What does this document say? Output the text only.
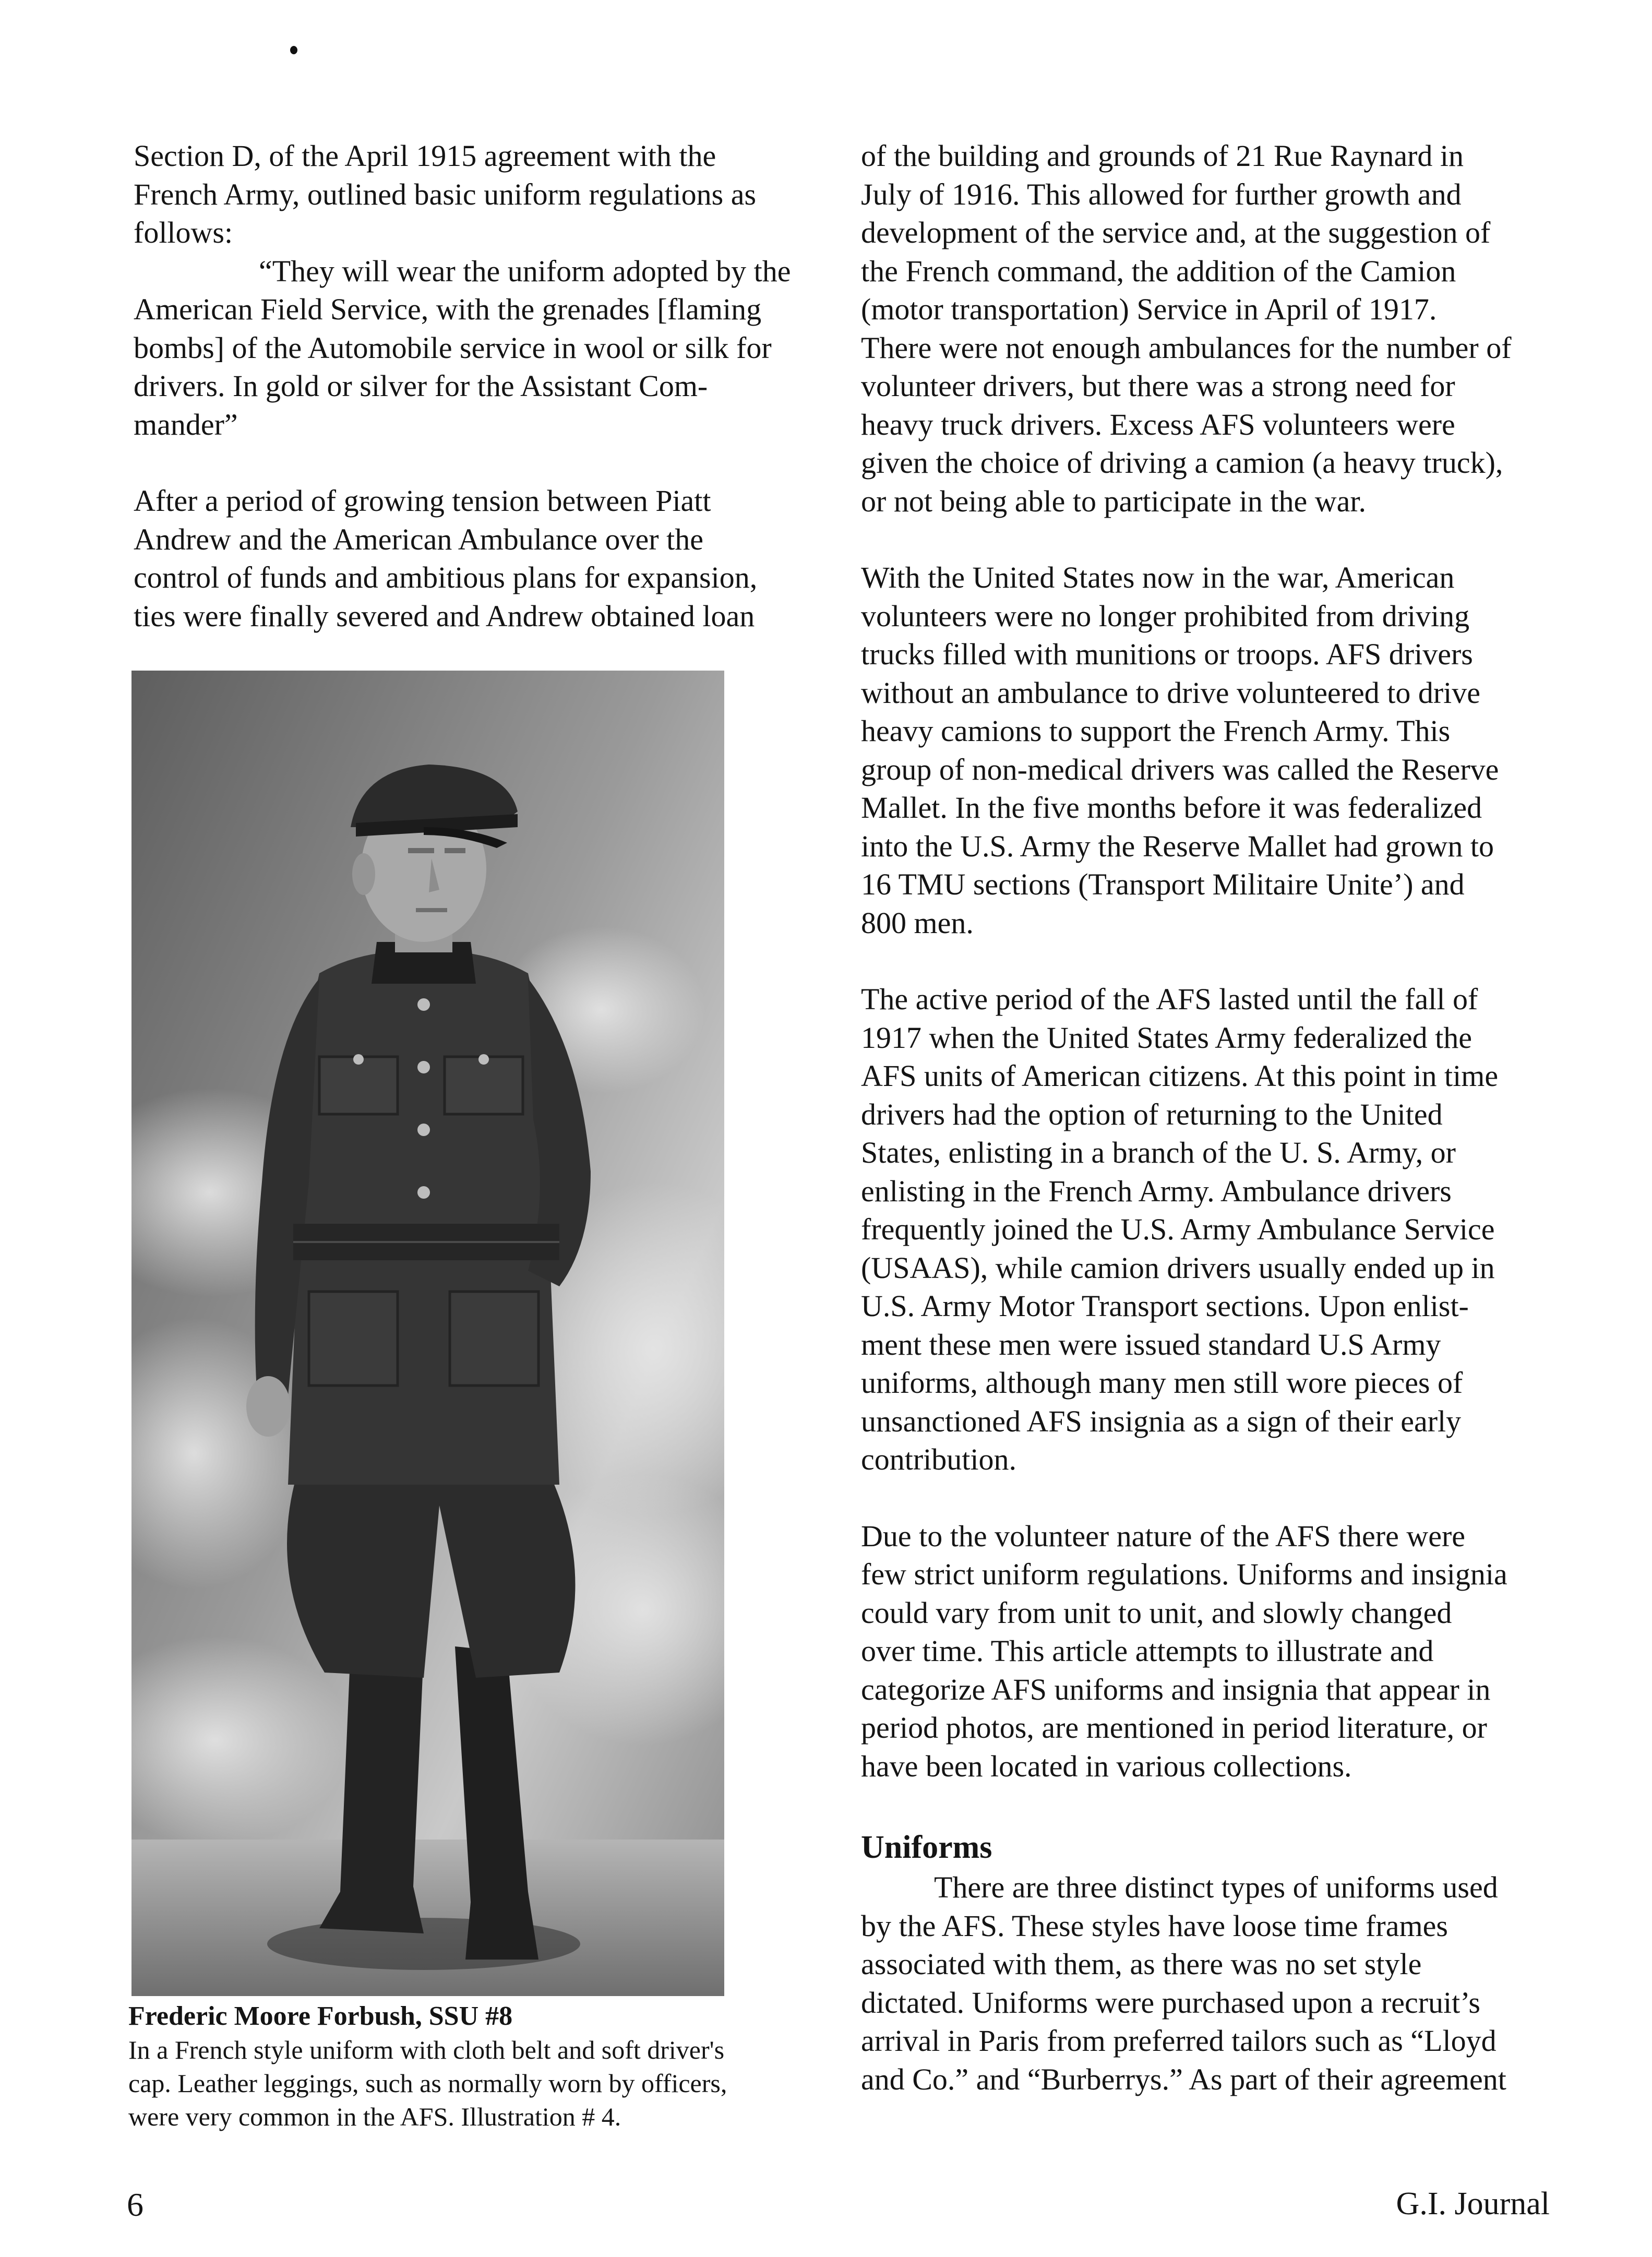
Section D, of the April 1915 agreement with the
French Army, outlined basic uniform regulations as
follows:
“They will wear the uniform adopted by the
American Field Service, with the grenades [flaming
bombs] of the Automobile service in wool or silk for
drivers. In gold or silver for the Assistant Com-
mander”
After a period of growing tension between Piatt
Andrew and the American Ambulance over the
control of funds and ambitious plans for expansion,
ties were finally severed and Andrew obtained loan
Frederic Moore Forbush, SSU #8
In a French style uniform with cloth belt and soft driver's
cap. Leather leggings, such as normally worn by officers,
were very common in the AFS. Illustration # 4.
of the building and grounds of 21 Rue Raynard in
July of 1916. This allowed for further growth and
development of the service and, at the suggestion of
the French command, the addition of the Camion
(motor transportation) Service in April of 1917.
There were not enough ambulances for the number of
volunteer drivers, but there was a strong need for
heavy truck drivers. Excess AFS volunteers were
given the choice of driving a camion (a heavy truck),
or not being able to participate in the war.
With the United States now in the war, American
volunteers were no longer prohibited from driving
trucks filled with munitions or troops. AFS drivers
without an ambulance to drive volunteered to drive
heavy camions to support the French Army. This
group of non-medical drivers was called the Reserve
Mallet. In the five months before it was federalized
into the U.S. Army the Reserve Mallet had grown to
16 TMU sections (Transport Militaire Unite’) and
800 men.
The active period of the AFS lasted until the fall of
1917 when the United States Army federalized the
AFS units of American citizens. At this point in time
drivers had the option of returning to the United
States, enlisting in a branch of the U. S. Army, or
enlisting in the French Army. Ambulance drivers
frequently joined the U.S. Army Ambulance Service
(USAAS), while camion drivers usually ended up in
U.S. Army Motor Transport sections. Upon enlist-
ment these men were issued standard U.S Army
uniforms, although many men still wore pieces of
unsanctioned AFS insignia as a sign of their early
contribution.
Due to the volunteer nature of the AFS there were
few strict uniform regulations. Uniforms and insignia
could vary from unit to unit, and slowly changed
over time. This article attempts to illustrate and
categorize AFS uniforms and insignia that appear in
period photos, are mentioned in period literature, or
have been located in various collections.
Uniforms
There are three distinct types of uniforms used
by the AFS. These styles have loose time frames
associated with them, as there was no set style
dictated. Uniforms were purchased upon a recruit’s
arrival in Paris from preferred tailors such as “Lloyd
and Co.” and “Burberrys.” As part of their agreement
6	G.I. Journal
